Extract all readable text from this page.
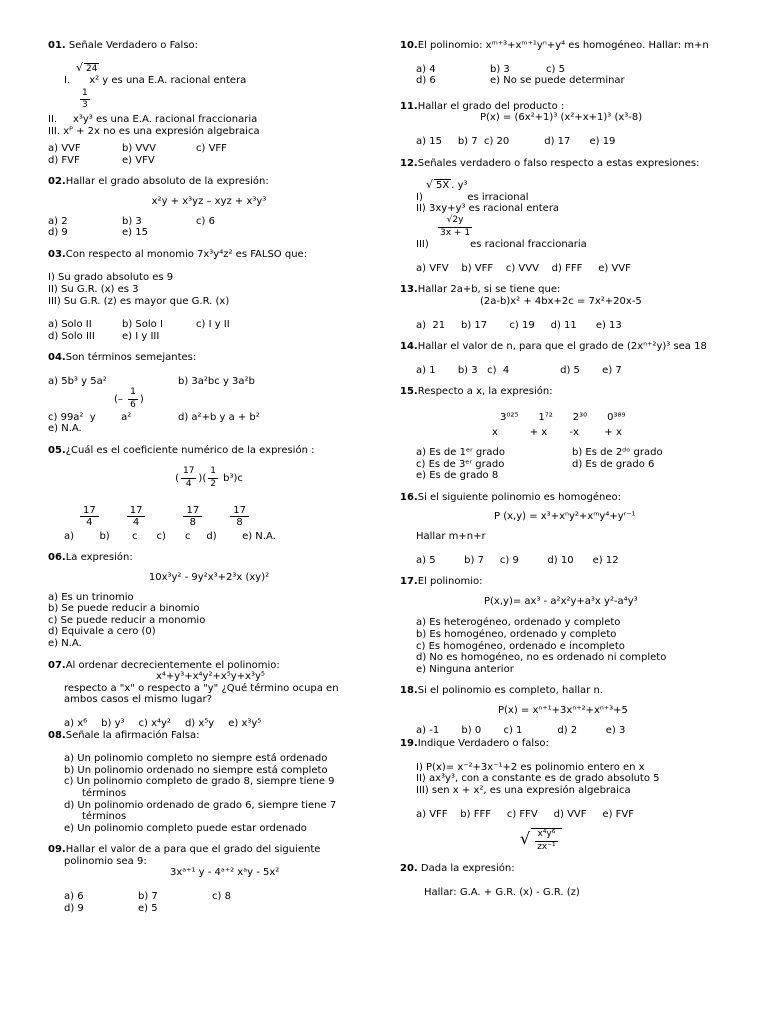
01. Señale Verdadero o Falso:
√ 24
I.      x² y es una E.A. racional entera
$\frac{1}{3}$
II.     x³y³ es una E.A. racional fraccionaria
III. xᴾ + 2x no es una expresión algebraica
a) VVF	b) VVV	c) VFF
d) FVF	e) VFV
02.Hallar el grado absoluto de la expresión:
x²y + x³yz – xyz + x³y³
a) 2	b) 3	c) 6
d) 9	e) 15
03.Con respecto al monomio 7x³y⁴z² es FALSO que:
I) Su grado absoluto es 9
II) Su G.R. (x) es 3
III) Su G.R. (z) es mayor que G.R. (x)
a) Solo II	b) Solo I	c) I y II
d) Solo III	e) I y III
04.Son términos semejantes:
a) 5b³ y 5a²	b) 3a²bc y 3a²b
(– $\frac{1}{6}$ )
c) 99a²  y        a²	d) a²+b y a + b²
e) N.A.
05.¿Cuál es el coeficiente numérico de la expresión :
( $\frac{17}{4}$ )( $\frac{1}{2} b^3)c$
17
4
17
4
17
8
17
8
a)        b)       c      c)      c     d)        e) N.A.
06.La expresión:
10x³y² - 9y²x³+2³x (xy)²
a) Es un trinomio
b) Se puede reducir a binomio
c) Se puede reducir a monomio
d) Equivale a cero (0)
e) N.A.
07.Al ordenar decrecientemente el polinomio:
x⁴+y³+x⁴y²+x⁵y+x³y⁵
respecto a "x" o respecto a "y" ¿Qué término ocupa en
ambos casos el mismo lugar?
a) x⁶ b) y³ c) x⁴y² d) x⁵y e) x³y⁵
08.Señale la afirmación Falsa:
a) Un polinomio completo no siempre está ordenado
b) Un polinomio ordenado no siempre está completo
c) Un polinomio completo de grado 8, siempre tiene 9
términos
d) Un polinomio ordenado de grado 6, siempre tiene 7
términos
e) Un polinomio completo puede estar ordenado
09.Hallar el valor de a para que el grado del siguiente
polinomio sea 9:
3xᵃ⁺¹ y - 4ᵃ⁺² xᵃy - 5x²
a) 6	b) 7	c) 8
d) 9	e) 5
10.El polinomio: xᵐ⁺³+xᵐ⁺¹yⁿ+y⁴ es homogéneo. Hallar: m+n
a) 4	b) 3	c) 5
d) 6	e) No se puede determinar
11.Hallar el grado del producto :
P(x) = (6x²+1)³ (x²+x+1)³ (x³-8)
a) 15     b) 7  c) 20           d) 17      e) 19
12.Señales verdadero o falso respecto a estas expresiones:
√ 5X . y³
I)              es irracional
II) 3xy+y³ es racional entera
$\frac{√2y}{3x + 1}$
III)             es racional fraccionaria
a) VFV    b) VFF    c) VVV    d) FFF     e) VVF
13.Hallar 2a+b, si se tiene que:
(2a-b)x² + 4bx+2c = 7x²+20x-5
a)  21     b) 17       c) 19     d) 11      e) 13
14.Hallar el valor de n, para que el grado de (2xⁿ⁺²y)³ sea 18
a) 1       b) 3   c)  4                d) 5       e) 7
15.Respecto a x, la expresión:
3⁰²⁵ 1⁷² 2³⁰ 0³⁸⁹
x          + x       -x        + x
a) Es de 1ᵉʳ grado	b) Es de 2ᵈᵒ grado
c) Es de 3ᵉʳ grado	d) Es de grado 6
e) Es de grado 8
16.Si el siguiente polinomio es homogéneo:
P (x,y) = x³+xⁿy²+xᵐy⁴+yʳ⁻¹
Hallar m+n+r
a) 5         b) 7     c) 9         d) 10      e) 12
17.El polinomio:
P(x,y)= ax³ - a²x²y+a³x y²-a⁴y³
a) Es heterogéneo, ordenado y completo
b) Es homogéneo, ordenado y completo
c) Es homogéneo, ordenado e incompleto
d) No es homogéneo, no es ordenado ni completo
e) Ninguna anterior
18.Si el polinomio es completo, hallar n.
P(x) = xⁿ⁺¹+3xⁿ⁺²+xⁿ⁺³+5
a) -1       b) 0       c) 1           d) 2         e) 3
19.Indique Verdadero o falso:
I) P(x)= x⁻²+3x⁻¹+2 es polinomio entero en x
II) ax³y³, con a constante es de grado absoluto 5
III) sen x + x², es una expresión algebraica
a) VFF    b) FFF     c) FFV     d) VVF     e) FVF
√ $\frac{\text{x⁴y⁶}}{\text{zx⁻¹}}$
20. Dada la expresión:
Hallar: G.A. + G.R. (x) - G.R. (z)
